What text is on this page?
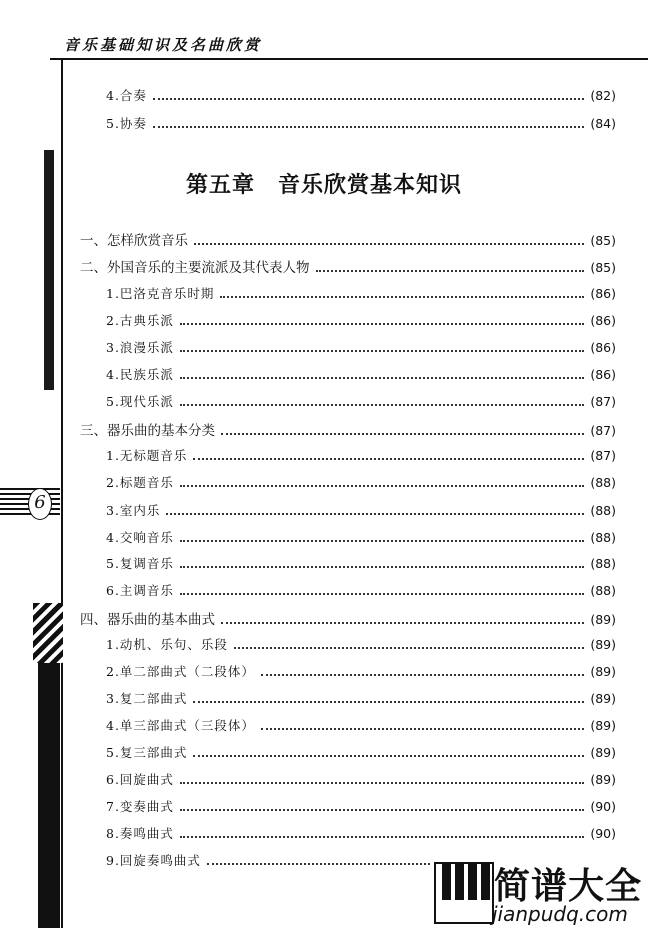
音乐基础知识及名曲欣赏
6
第五章　音乐欣赏基本知识
4.合奏	(82)
5.协奏	(84)
一、怎样欣赏音乐	(85)
二、外国音乐的主要流派及其代表人物	(85)
1.巴洛克音乐时期	(86)
2.古典乐派	(86)
3.浪漫乐派	(86)
4.民族乐派	(86)
5.现代乐派	(87)
三、器乐曲的基本分类	(87)
1.无标题音乐	(87)
2.标题音乐	(88)
3.室内乐	(88)
4.交响音乐	(88)
5.复调音乐	(88)
6.主调音乐	(88)
四、器乐曲的基本曲式	(89)
1.动机、乐句、乐段	(89)
2.单二部曲式（二段体）	(89)
3.复二部曲式	(89)
4.单三部曲式（三段体）	(89)
5.复三部曲式	(89)
6.回旋曲式	(89)
7.变奏曲式	(90)
8.奏鸣曲式	(90)
9.回旋奏鸣曲式
简谱大全
jianpudq.com
